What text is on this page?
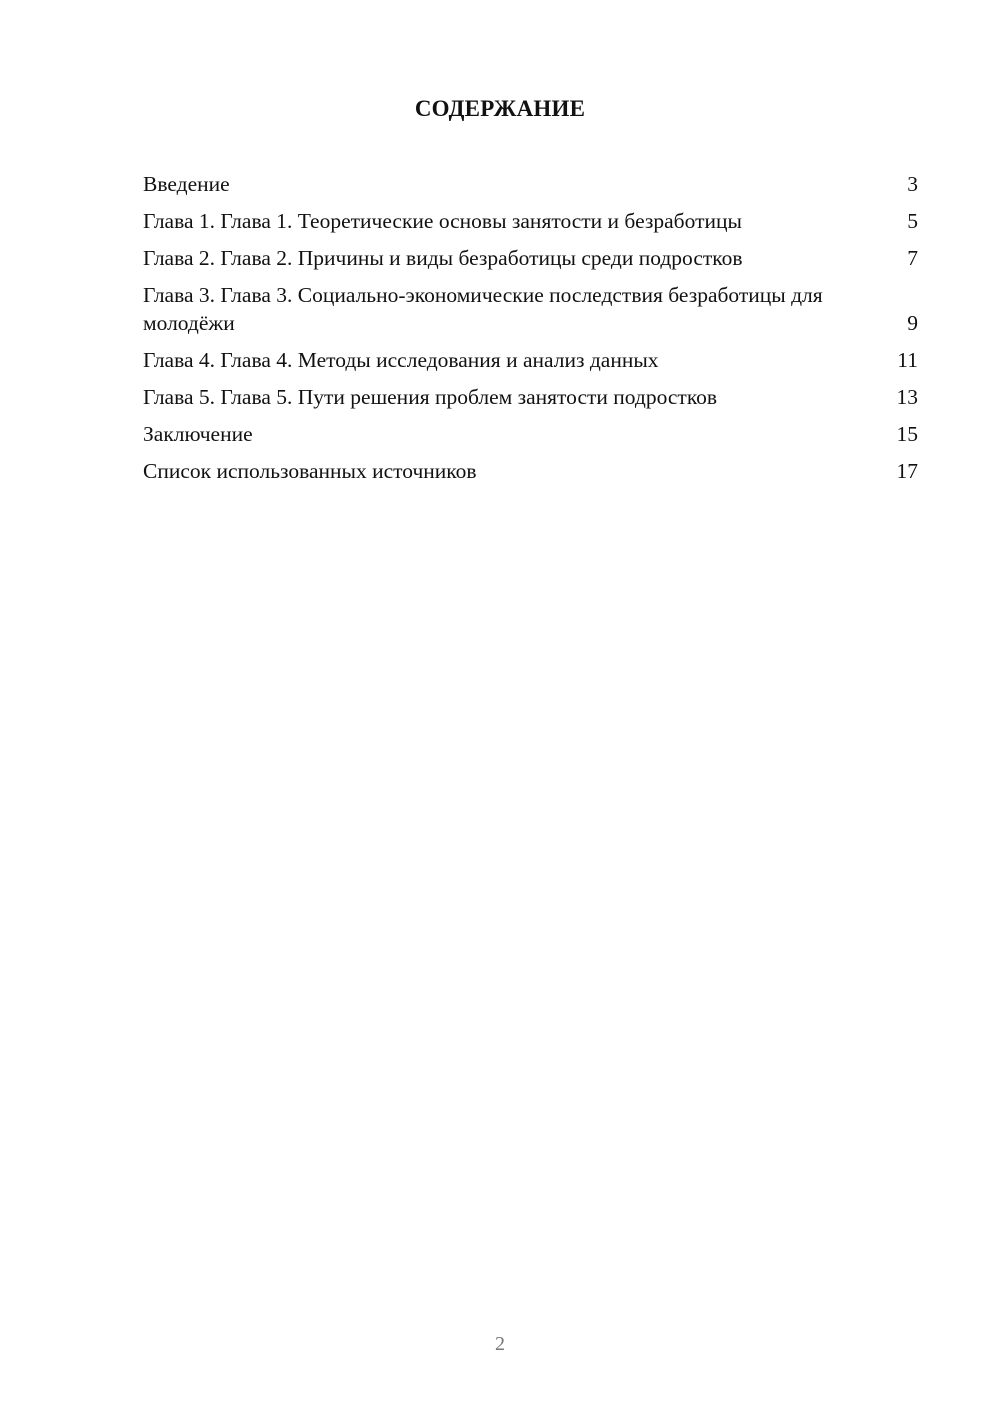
СОДЕРЖАНИЕ
Введение	3
Глава 1. Глава 1. Теоретические основы занятости и безработицы	5
Глава 2. Глава 2. Причины и виды безработицы среди подростков	7
Глава 3. Глава 3. Социально-экономические последствия безработицы для молодёжи	9
Глава 4. Глава 4. Методы исследования и анализ данных	11
Глава 5. Глава 5. Пути решения проблем занятости подростков	13
Заключение	15
Список использованных источников	17
2
